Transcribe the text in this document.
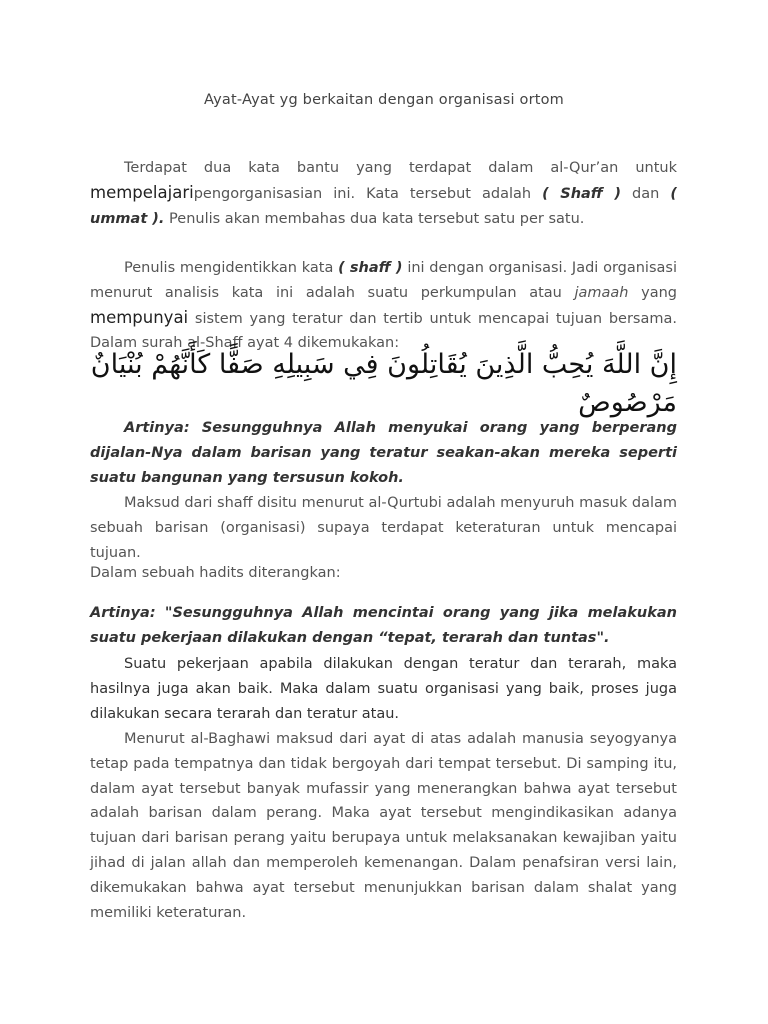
Ayat-Ayat yg berkaitan dengan organisasi ortom

Terdapat dua kata bantu yang terdapat dalam al-Qur’an untuk mempelajaripengorganisasian ini. Kata tersebut adalah ( Shaff ) dan ( ummat ). Penulis akan membahas dua kata tersebut satu per satu.

Penulis mengidentikkan kata ( shaff ) ini dengan organisasi. Jadi organisasi menurut analisis kata ini adalah suatu perkumpulan atau jamaah yang mempunyai sistem yang teratur dan tertib untuk mencapai tujuan bersama. Dalam surah al-Shaff ayat 4 dikemukakan:

إِنَّ اللَّهَ يُحِبُّ الَّذِينَ يُقَاتِلُونَ فِي سَبِيلِهِ صَفًّا كَأَنَّهُمْ بُنْيَانٌ مَرْصُوصٌ

Artinya: Sesungguhnya Allah menyukai orang yang berperang dijalan-Nya dalam barisan yang teratur seakan-akan mereka seperti suatu bangunan yang tersusun kokoh.

Maksud dari shaff disitu menurut al-Qurtubi adalah menyuruh masuk dalam sebuah barisan (organisasi) supaya terdapat keteraturan untuk mencapai tujuan.

Dalam sebuah hadits diterangkan:

Artinya: "Sesungguhnya Allah mencintai orang yang jika melakukan suatu pekerjaan dilakukan dengan “tepat, terarah dan tuntas".

Suatu pekerjaan apabila dilakukan dengan teratur dan terarah, maka hasilnya juga akan baik. Maka dalam suatu organisasi yang baik, proses juga dilakukan secara terarah dan teratur atau.

Menurut al-Baghawi maksud dari ayat di atas adalah manusia seyogyanya tetap pada tempatnya dan tidak bergoyah dari tempat tersebut. Di samping itu, dalam ayat tersebut banyak mufassir yang menerangkan bahwa ayat tersebut adalah barisan dalam perang. Maka ayat tersebut mengindikasikan adanya tujuan dari barisan perang yaitu berupaya untuk melaksanakan kewajiban yaitu jihad di jalan allah dan memperoleh kemenangan. Dalam penafsiran versi lain, dikemukakan bahwa ayat tersebut menunjukkan barisan dalam shalat yang memiliki keteraturan.
